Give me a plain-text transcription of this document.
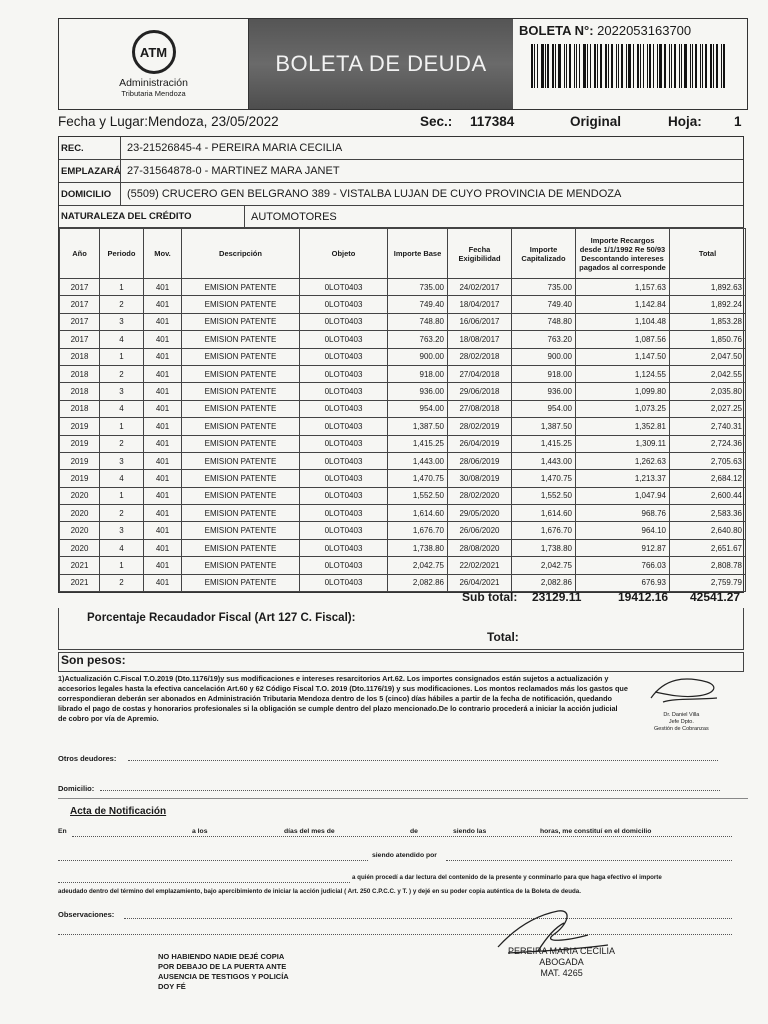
ATM
Administración
Tributaria Mendoza
BOLETA DE DEUDA
BOLETA N°: 2022053163700
Fecha y Lugar:Mendoza, 23/05/2022	Sec.: 117384	Original	Hoja: 1
REC.	23-21526845-4 - PEREIRA MARIA CECILIA
EMPLAZARÁ 27-31564878-0 - MARTINEZ MARA JANET
DOMICILIO	(5509) CRUCERO GEN BELGRANO 389 - VISTALBA LUJAN DE CUYO PROVINCIA DE MENDOZA
NATURALEZA DEL CRÉDITO	AUTOMOTORES
Año	Periodo	Mov.	Descripción	Objeto	Importe Base	Fecha Exigibilidad	Importe Capitalizado	Importe Recargos desde 1/1/1992 Re 50/93 Descontando intereses pagados al corresponde	Total
2017	1	401	EMISION PATENTE	0LOT0403	735.00	24/02/2017	735.00	1,157.63	1,892.63
2017	2	401	EMISION PATENTE	0LOT0403	749.40	18/04/2017	749.40	1,142.84	1,892.24
2017	3	401	EMISION PATENTE	0LOT0403	748.80	16/06/2017	748.80	1,104.48	1,853.28
2017	4	401	EMISION PATENTE	0LOT0403	763.20	18/08/2017	763.20	1,087.56	1,850.76
2018	1	401	EMISION PATENTE	0LOT0403	900.00	28/02/2018	900.00	1,147.50	2,047.50
2018	2	401	EMISION PATENTE	0LOT0403	918.00	27/04/2018	918.00	1,124.55	2,042.55
2018	3	401	EMISION PATENTE	0LOT0403	936.00	29/06/2018	936.00	1,099.80	2,035.80
2018	4	401	EMISION PATENTE	0LOT0403	954.00	27/08/2018	954.00	1,073.25	2,027.25
2019	1	401	EMISION PATENTE	0LOT0403	1,387.50	28/02/2019	1,387.50	1,352.81	2,740.31
2019	2	401	EMISION PATENTE	0LOT0403	1,415.25	26/04/2019	1,415.25	1,309.11	2,724.36
2019	3	401	EMISION PATENTE	0LOT0403	1,443.00	28/06/2019	1,443.00	1,262.63	2,705.63
2019	4	401	EMISION PATENTE	0LOT0403	1,470.75	30/08/2019	1,470.75	1,213.37	2,684.12
2020	1	401	EMISION PATENTE	0LOT0403	1,552.50	28/02/2020	1,552.50	1,047.94	2,600.44
2020	2	401	EMISION PATENTE	0LOT0403	1,614.60	29/05/2020	1,614.60	968.76	2,583.36
2020	3	401	EMISION PATENTE	0LOT0403	1,676.70	26/06/2020	1,676.70	964.10	2,640.80
2020	4	401	EMISION PATENTE	0LOT0403	1,738.80	28/08/2020	1,738.80	912.87	2,651.67
2021	1	401	EMISION PATENTE	0LOT0403	2,042.75	22/02/2021	2,042.75	766.03	2,808.78
2021	2	401	EMISION PATENTE	0LOT0403	2,082.86	26/04/2021	2,082.86	676.93	2,759.79
Sub total: 23129.11	19412.16 42541.27
Porcentaje Recaudador Fiscal (Art 127 C. Fiscal):
Total:
Son pesos:
1)Actualización C.Fiscal T.O.2019 (Dto.1176/19)y sus modificaciones e intereses resarcitorios Art.62. Los importes consignados están sujetos a actualización y accesorios legales hasta la efectiva cancelación Art.60 y 62 Código Fiscal T.O. 2019 (Dto.1176/19) y sus modificaciones. Los montos reclamados más los gastos que correspondieran deberán ser abonados en Administración Tributaria Mendoza dentro de los 5 (cinco) días hábiles a partir de la fecha de notificación, quedando librado el pago de costas y honorarios profesionales si la obligación se cumple dentro del plazo mencionado.De lo contrario procederá a iniciar la acción judicial de cobro por vía de Apremio.	Dr. Daniel Villa
Jefe Dpto.
Gestión de Cobranzas
Otros deudores:
Domicilio:
Acta de Notificación
En	a los	días del mes de	de	siendo las	horas, me constituí en el domicilio
siendo atendido por
a quién procedí a dar lectura del contenido de la presente y conminarlo para que haga efectivo el importe
adeudado dentro del término del emplazamiento, bajo apercibimiento de iniciar la acción judicial ( Art. 250 C.P.C.C. y T. ) y dejé en su poder copia auténtica de la Boleta de deuda.
Observaciones:
NO HABIENDO NADIE DEJÉ COPIA
POR DEBAJO DE LA PUERTA ANTE
AUSENCIA DE TESTIGOS Y POLICÍA
DOY FÉ
PEREIRA MARIA CECILIA
ABOGADA
MAT. 4265
